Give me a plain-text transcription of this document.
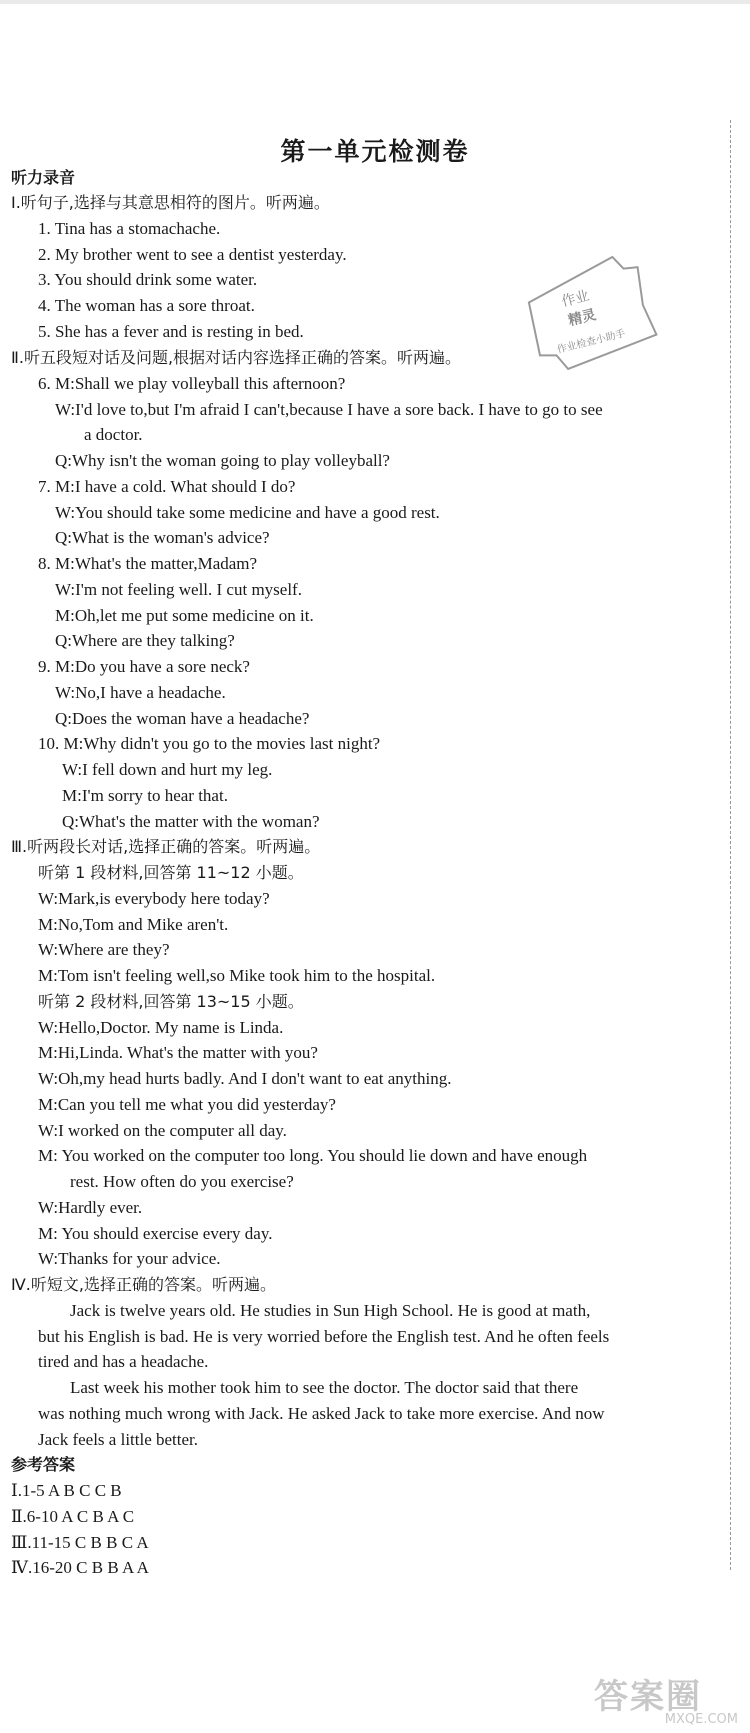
第一单元检测卷
听力录音
Ⅰ.听句子,选择与其意思相符的图片。听两遍。
1. Tina has a stomachache.
2. My brother went to see a dentist yesterday.
3. You should drink some water.
4. The woman has a sore throat.
5. She has a fever and is resting in bed.
Ⅱ.听五段短对话及问题,根据对话内容选择正确的答案。听两遍。
6. M:Shall we play volleyball this afternoon?
W:I'd love to,but I'm afraid I can't,because I have a sore back. I have to go to see
a doctor.
Q:Why isn't the woman going to play volleyball?
7. M:I have a cold. What should I do?
W:You should take some medicine and have a good rest.
Q:What is the woman's advice?
8. M:What's the matter,Madam?
W:I'm not feeling well. I cut myself.
M:Oh,let me put some medicine on it.
Q:Where are they talking?
9. M:Do you have a sore neck?
W:No,I have a headache.
Q:Does the woman have a headache?
10. M:Why didn't you go to the movies last night?
W:I fell down and hurt my leg.
M:I'm sorry to hear that.
Q:What's the matter with the woman?
Ⅲ.听两段长对话,选择正确的答案。听两遍。
听第 1 段材料,回答第 11~12 小题。
W:Mark,is everybody here today?
M:No,Tom and Mike aren't.
W:Where are they?
M:Tom isn't feeling well,so Mike took him to the hospital.
听第 2 段材料,回答第 13~15 小题。
W:Hello,Doctor. My name is Linda.
M:Hi,Linda. What's the matter with you?
W:Oh,my head hurts badly. And I don't want to eat anything.
M:Can you tell me what you did yesterday?
W:I worked on the computer all day.
M: You worked on the computer too long. You should lie down and have enough
rest. How often do you exercise?
W:Hardly ever.
M: You should exercise every day.
W:Thanks for your advice.
Ⅳ.听短文,选择正确的答案。听两遍。
Jack is twelve years old. He studies in Sun High School. He is good at math,
but his English is bad. He is very worried before the English test. And he often feels
tired and has a headache.
Last week his mother took him to see the doctor. The doctor said that there
was nothing much wrong with Jack. He asked Jack to take more exercise. And now
Jack feels a little better.
参考答案
Ⅰ.1-5 A B C C B
Ⅱ.6-10 A C B A C
Ⅲ.11-15 C B B C A
Ⅳ.16-20 C B B A A
作业
精灵
作业检查小助手
答案圈
MXQE.COM
